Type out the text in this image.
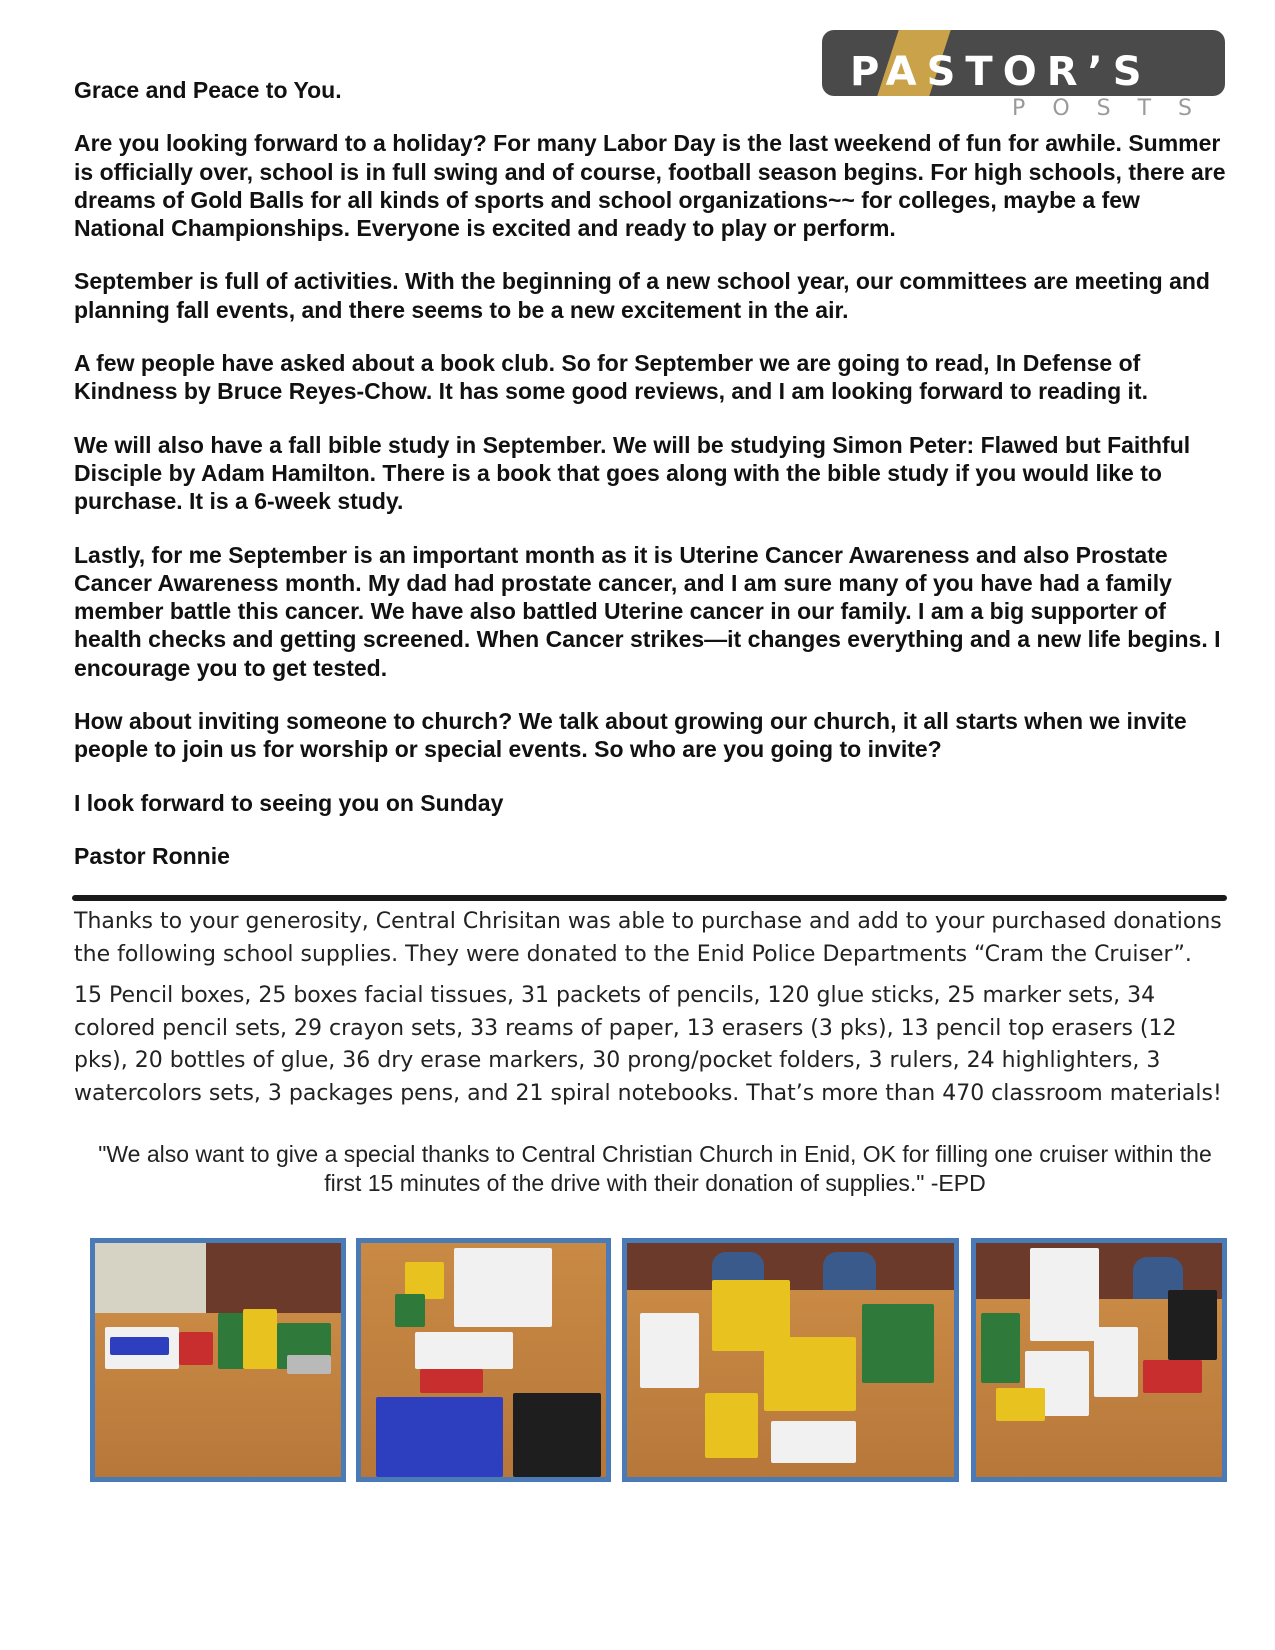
PASTOR’S
POSTS

Grace and Peace to You.

Are you looking forward to a holiday? For many Labor Day is the last weekend of fun for awhile. Summer is officially over, school is in full swing and of course, football season begins. For high schools, there are dreams of Gold Balls for all kinds of sports and school organizations~~ for colleges, maybe a few National Championships. Everyone is excited and ready to play or perform.

September is full of activities. With the beginning of a new school year, our committees are meeting and planning fall events, and there seems to be a new excitement in the air.

A few people have asked about a book club. So for September we are going to read, In Defense of Kindness by Bruce Reyes-Chow. It has some good reviews, and I am looking forward to reading it.

We will also have a fall bible study in September. We will be studying Simon Peter: Flawed but Faithful Disciple by Adam Hamilton. There is a book that goes along with the bible study if you would like to purchase. It is a 6-week study.

Lastly, for me September is an important month as it is Uterine Cancer Awareness and also Prostate Cancer Awareness month. My dad had prostate cancer, and I am sure many of you have had a family member battle this cancer. We have also battled Uterine cancer in our family. I am a big supporter of health checks and getting screened. When Cancer strikes—it changes everything and a new life begins. I encourage you to get tested.

How about inviting someone to church? We talk about growing our church, it all starts when we invite people to join us for worship or special events. So who are you going to invite?

I look forward to seeing you on Sunday

Pastor Ronnie

Thanks to your generosity, Central Chrisitan was able to purchase and add to your purchased donations the following school supplies. They were donated to the Enid Police Departments “Cram the Cruiser”.

15 Pencil boxes, 25 boxes facial tissues, 31 packets of pencils, 120 glue sticks, 25 marker sets, 34 colored pencil sets, 29 crayon sets, 33 reams of paper, 13 erasers (3 pks), 13 pencil top erasers (12 pks), 20 bottles of glue, 36 dry erase markers, 30 prong/pocket folders, 3 rulers, 24 highlighters, 3 watercolors sets, 3 packages pens, and 21 spiral notebooks. That’s more than 470 classroom materials!

"We also want to give a special thanks to Central Christian Church in Enid, OK for filling one cruiser within the first 15 minutes of the drive with their donation of supplies." -EPD
